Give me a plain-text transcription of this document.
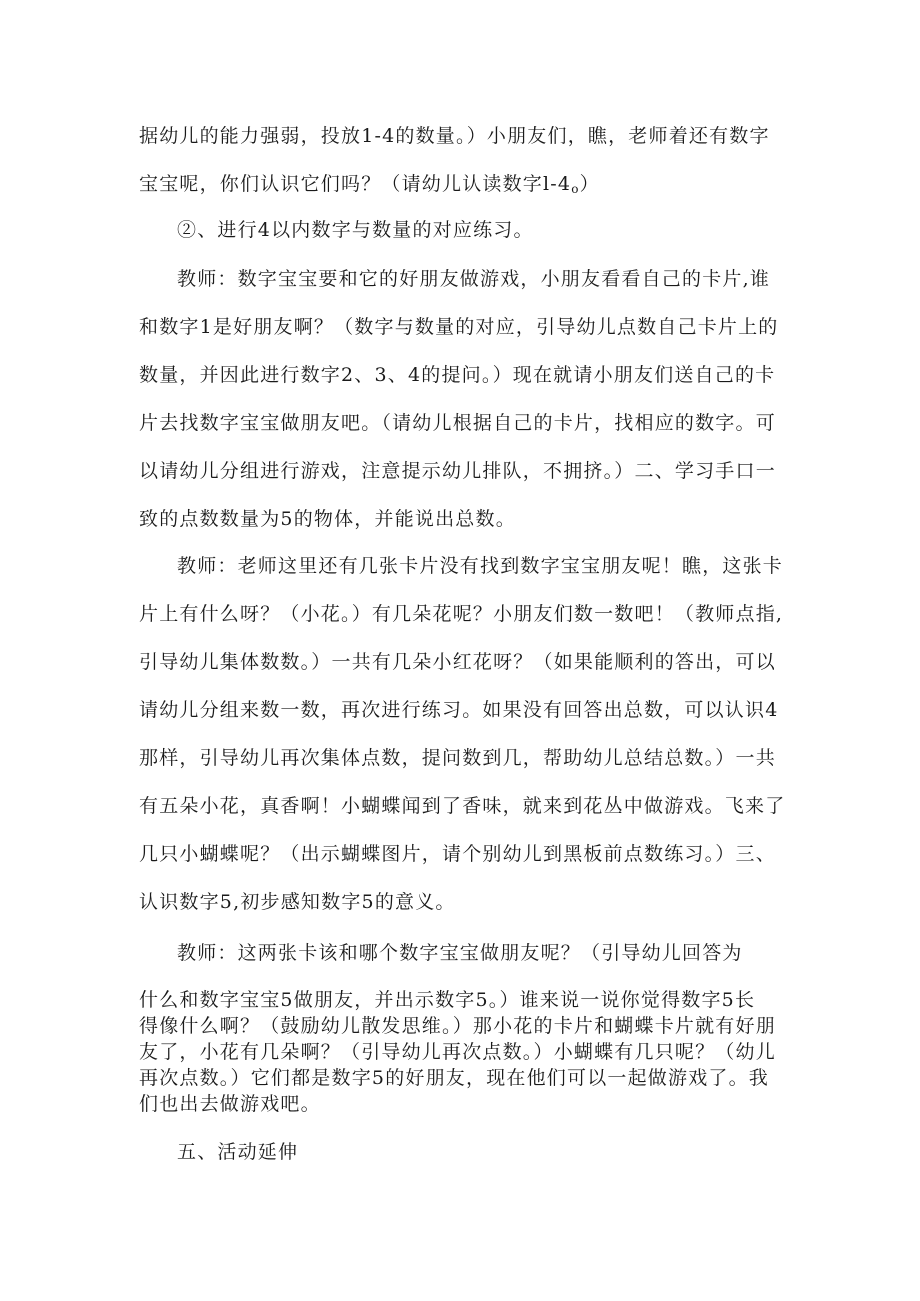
据幼儿的能力强弱，投放1-4的数量。）小朋友们，瞧，老师着还有数字
宝宝呢，你们认识它们吗？（请幼儿认读数字$l-4_o$）
②、进行4以内数字与数量的对应练习。
教师：数字宝宝要和它的好朋友做游戏，小朋友看看自己的卡片,谁
和数字1是好朋友啊？（数字与数量的对应，引导幼儿点数自己卡片上的
数量，并因此进行数字2、3、4的提问。）现在就请小朋友们送自己的卡
片去找数字宝宝做朋友吧。（请幼儿根据自己的卡片，找相应的数字。可
以请幼儿分组进行游戏，注意提示幼儿排队，不拥挤。）二、学习手口一
致的点数数量为5的物体，并能说出总数。
教师：老师这里还有几张卡片没有找到数字宝宝朋友呢！瞧，这张卡
片上有什么呀？（小花。）有几朵花呢？小朋友们数一数吧！（教师点指,
引导幼儿集体数数。）一共有几朵小红花呀？（如果能顺利的答出，可以
请幼儿分组来数一数，再次进行练习。如果没有回答出总数，可以认识4
那样，引导幼儿再次集体点数，提问数到几，帮助幼儿总结总数。）一共
有五朵小花，真香啊！小蝴蝶闻到了香味，就来到花丛中做游戏。飞来了
几只小蝴蝶呢？（出示蝴蝶图片，请个别幼儿到黑板前点数练习。）三、
认识数字5,初步感知数字5的意义。
教师：这两张卡该和哪个数字宝宝做朋友呢？（引导幼儿回答为
什么和数字宝宝5做朋友，并出示数字5。）谁来说一说你觉得数字5长
得像什么啊？（鼓励幼儿散发思维。）那小花的卡片和蝴蝶卡片就有好朋
友了，小花有几朵啊？（引导幼儿再次点数。）小蝴蝶有几只呢？（幼儿
再次点数。）它们都是数字5的好朋友，现在他们可以一起做游戏了。我
们也出去做游戏吧。
五、活动延伸
